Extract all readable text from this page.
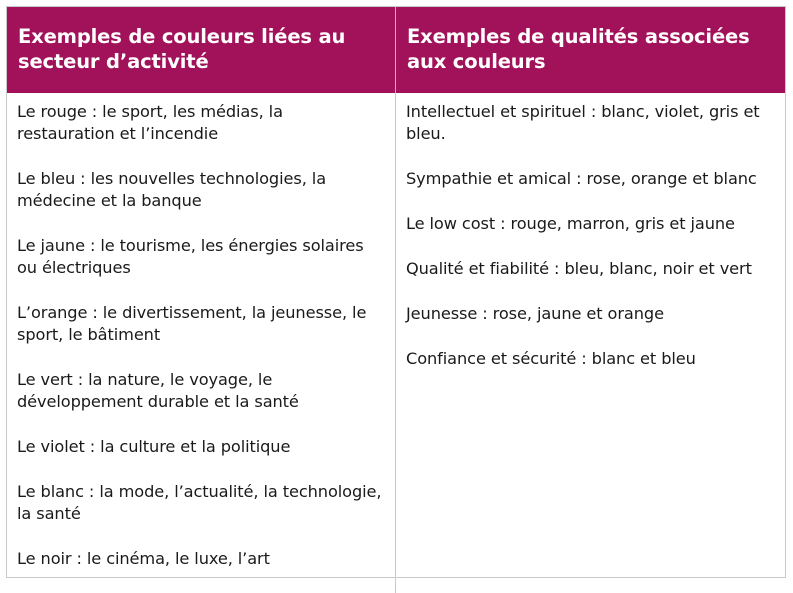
Exemples de couleurs liées au secteur d’activité
Exemples de qualités associées aux couleurs

Le rouge : le sport, les médias, la restauration et l’incendie

Le bleu : les nouvelles technologies, la médecine et la banque

Le jaune : le tourisme, les énergies solaires ou électriques

L’orange : le divertissement, la jeunesse, le sport, le bâtiment

Le vert : la nature, le voyage, le développement durable et la santé

Le violet : la culture et la politique

Le blanc : la mode, l’actualité, la technologie, la santé

Le noir : le cinéma, le luxe, l’art

Intellectuel et spirituel : blanc, violet, gris et bleu.

Sympathie et amical : rose, orange et blanc

Le low cost : rouge, marron, gris et jaune

Qualité et fiabilité : bleu, blanc, noir et vert

Jeunesse : rose, jaune et orange

Confiance et sécurité : blanc et bleu
